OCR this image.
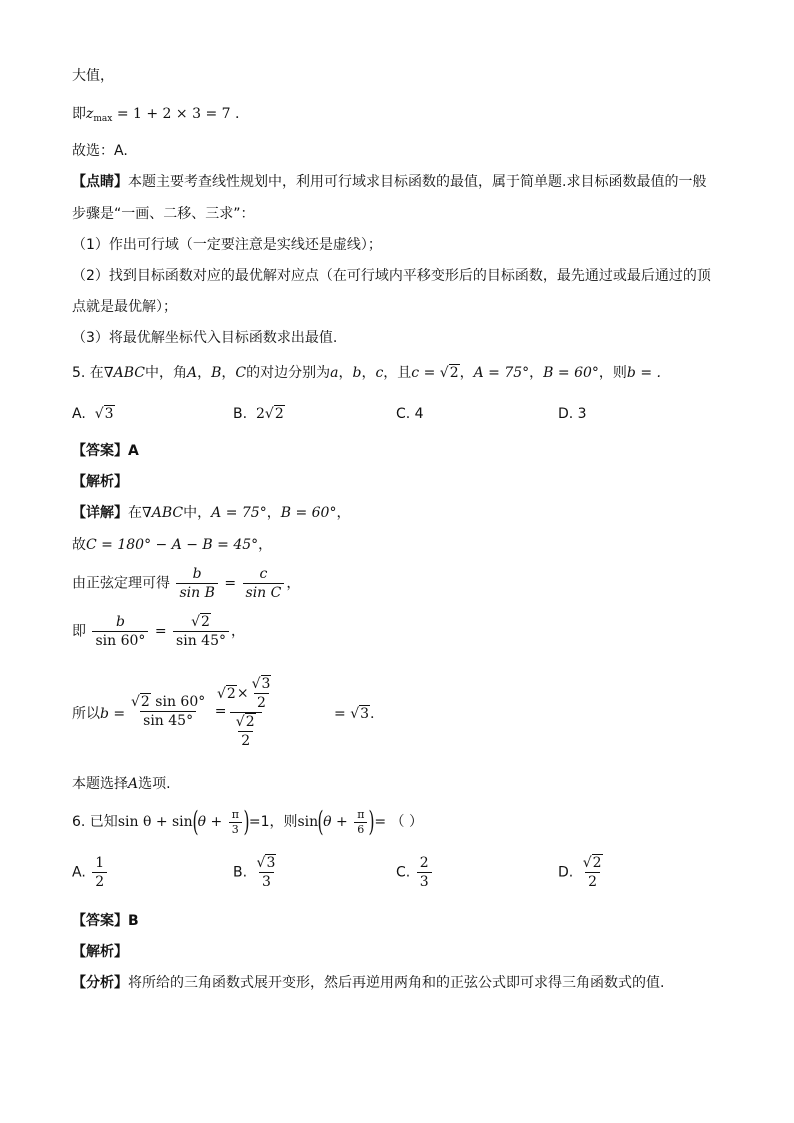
大值，
即$z_{max} = 1 + 2 \times 3 = 7$ .
故选：A.
【点睛】本题主要考查线性规划中，利用可行域求目标函数的最值，属于简单题.求目标函数最值的一般
步骤是“一画、二移、三求”：
（1）作出可行域（一定要注意是实线还是虚线）；
（2）找到目标函数对应的最优解对应点（在可行域内平移变形后的目标函数，最先通过或最后通过的顶
点就是最优解）；
（3）将最优解坐标代入目标函数求出最值.
5. 在∇ABC中，角A，B，C的对边分别为a，b，c，且c = √2，A = 75°，B = 60°，则b = .
A. √3	B. 2√2	C. 4	D. 3
【答案】A
【解析】
【详解】在∇ABC中，A = 75°，B = 60°，
故C = 180° − A − B = 45°，
由正弦定理可得 $\frac{b}{\text{sin B}} = \frac{c}{\text{sin C}}$ ，
即 $\frac{b}{\sin 60^\circ} = \frac{√2}{\sin 45^\circ}$ ，
所以$b = \frac{√2 \sin 60^\circ}{\sin 45^\circ}$ =
$\frac{√2\times \frac{√3}{2}}{\frac{√2}{2}}$	= √3.
本题选择A选项.
6. 已知$\sin \theta + \sin(\theta + \frac{\pi}{3} )=1$，则$\sin(\theta + \frac{\pi}{6}$ )= （ ）
A. $\frac{1}{2}$	B. $\frac{√3}{3}$	C. $\frac{2}{3}$	D. $\frac{√2}{2}$
【答案】B
【解析】
【分析】将所给的三角函数式展开变形，然后再逆用两角和的正弦公式即可求得三角函数式的值.
